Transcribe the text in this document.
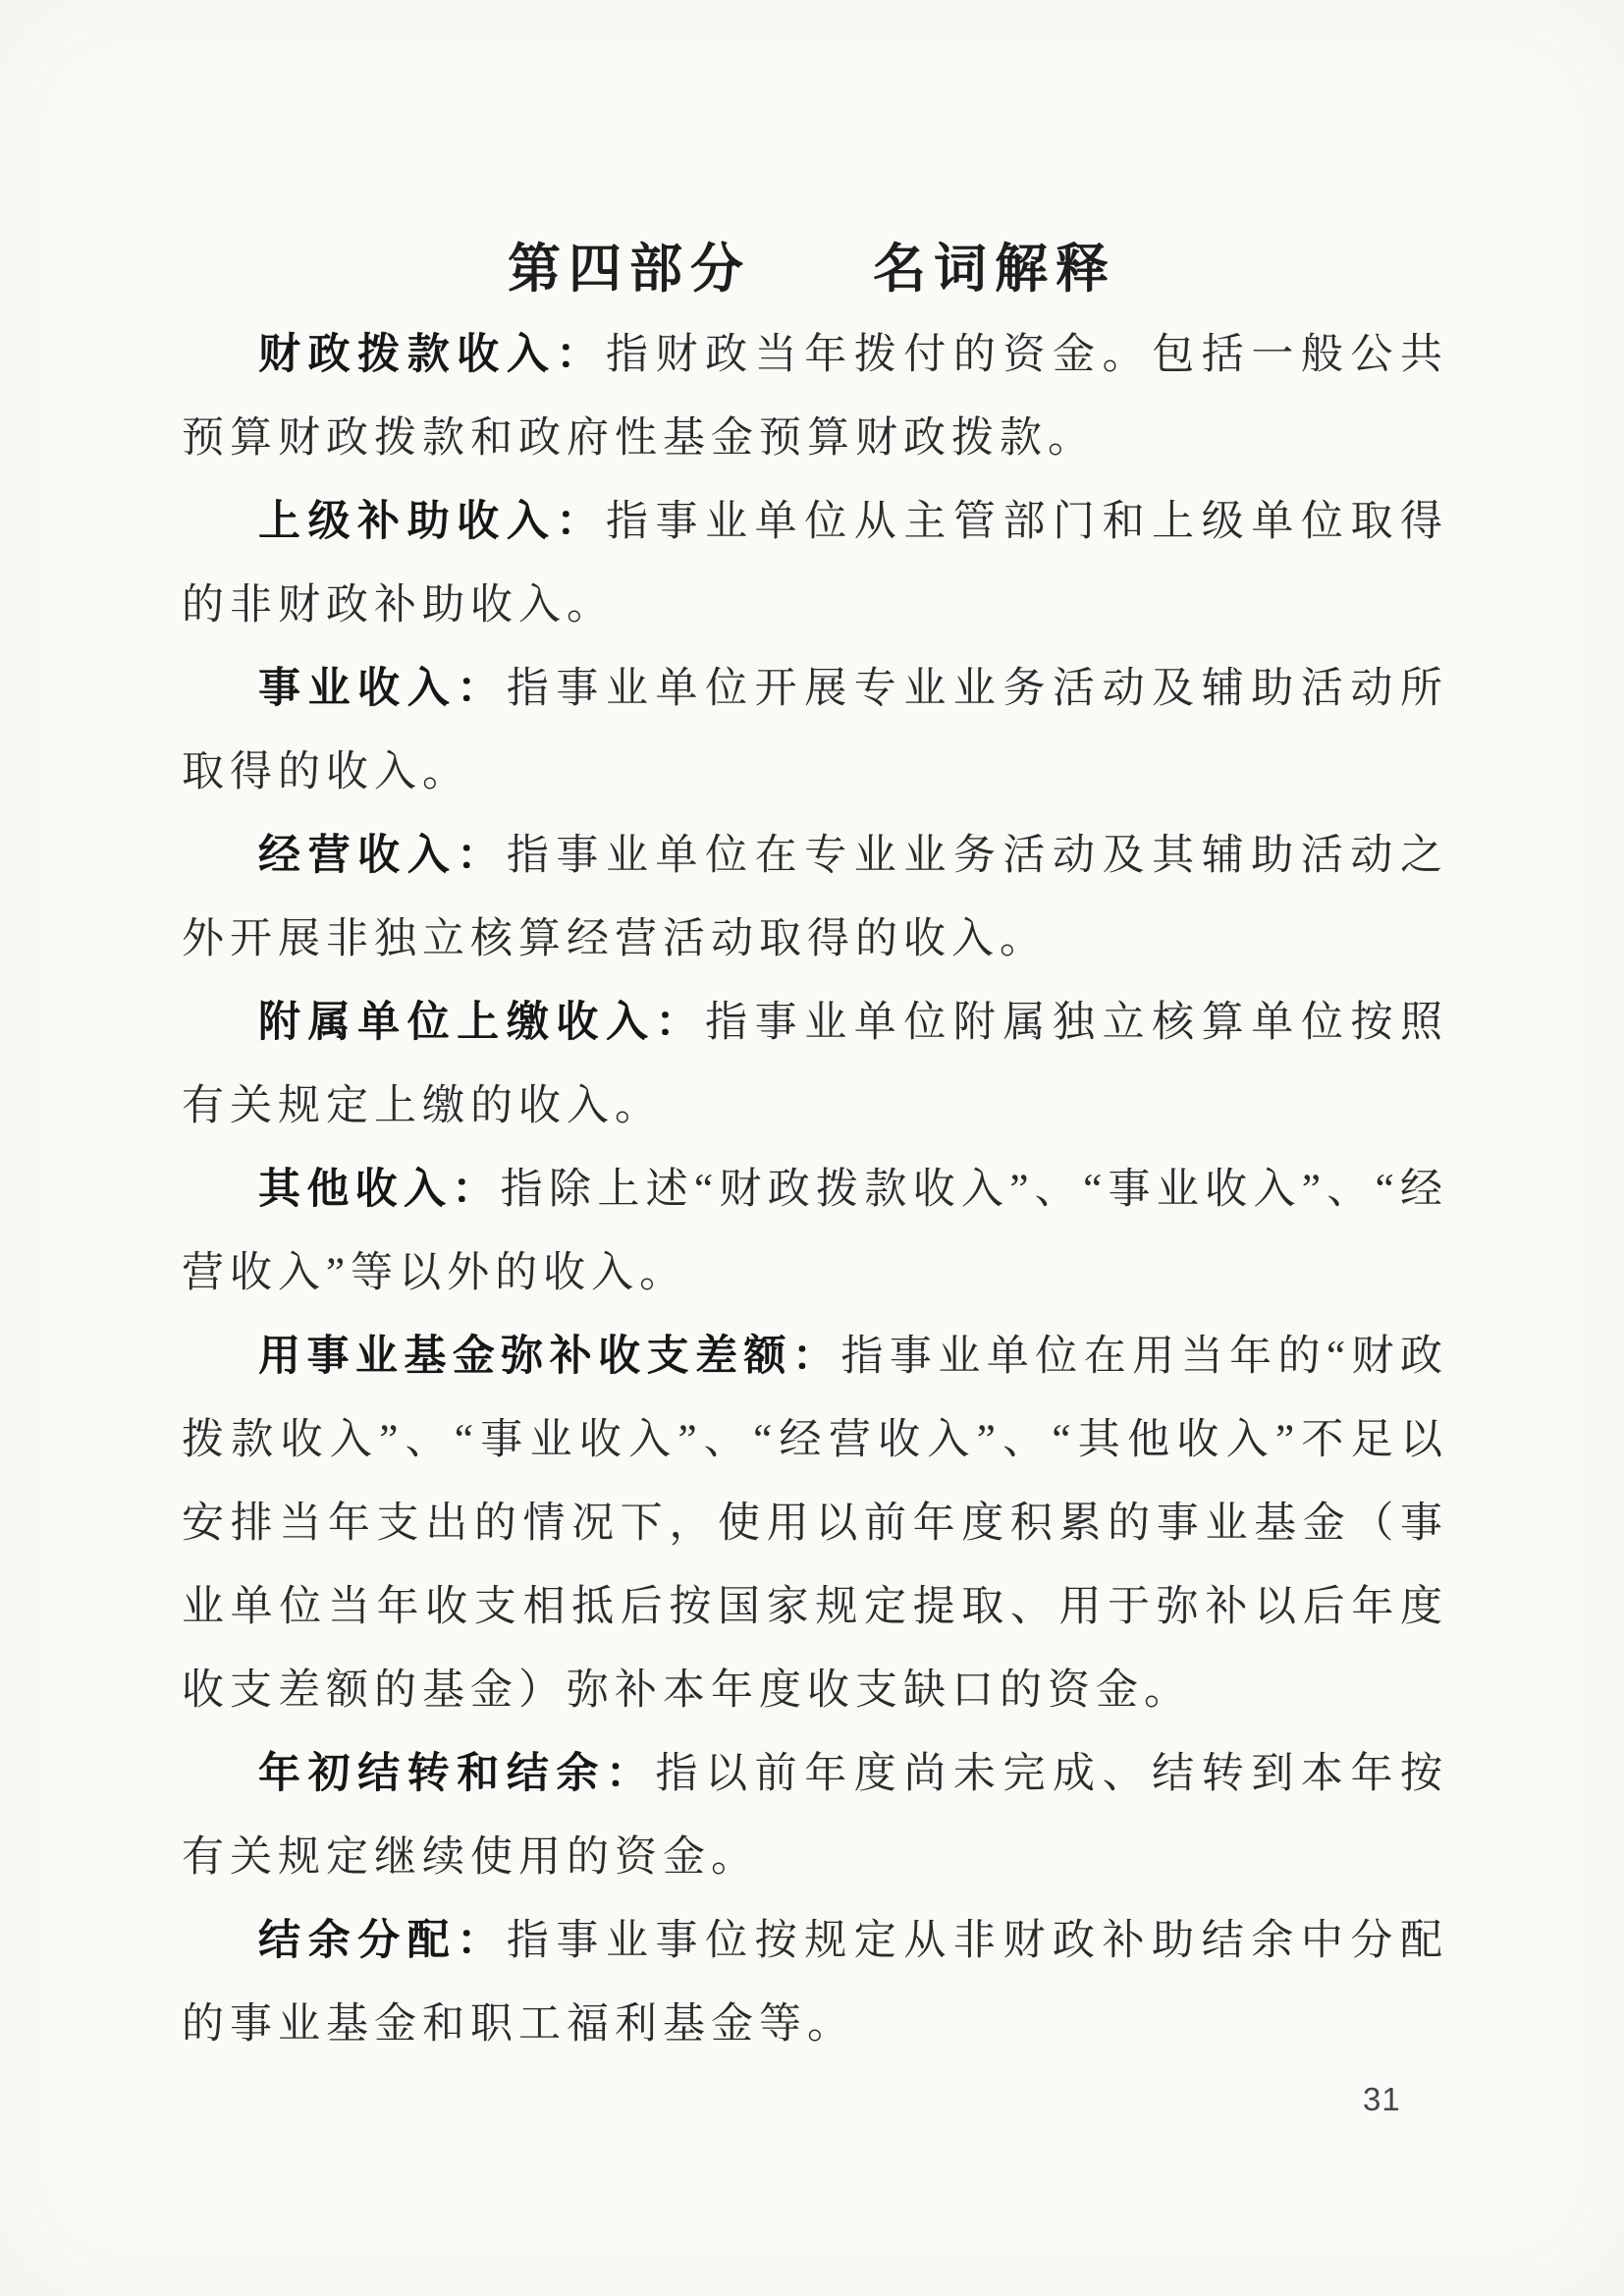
第四部分　　名词解释

财政拨款收入：指财政当年拨付的资金。包括一般公共预算财政拨款和政府性基金预算财政拨款。

上级补助收入：指事业单位从主管部门和上级单位取得的非财政补助收入。

事业收入：指事业单位开展专业业务活动及辅助活动所取得的收入。

经营收入：指事业单位在专业业务活动及其辅助活动之外开展非独立核算经营活动取得的收入。

附属单位上缴收入：指事业单位附属独立核算单位按照有关规定上缴的收入。

其他收入：指除上述“财政拨款收入”、“事业收入”、“经营收入”等以外的收入。

用事业基金弥补收支差额：指事业单位在用当年的“财政拨款收入”、“事业收入”、“经营收入”、“其他收入”不足以安排当年支出的情况下，使用以前年度积累的事业基金（事业单位当年收支相抵后按国家规定提取、用于弥补以后年度收支差额的基金）弥补本年度收支缺口的资金。

年初结转和结余：指以前年度尚未完成、结转到本年按有关规定继续使用的资金。

结余分配：指事业事位按规定从非财政补助结余中分配的事业基金和职工福利基金等。

31
